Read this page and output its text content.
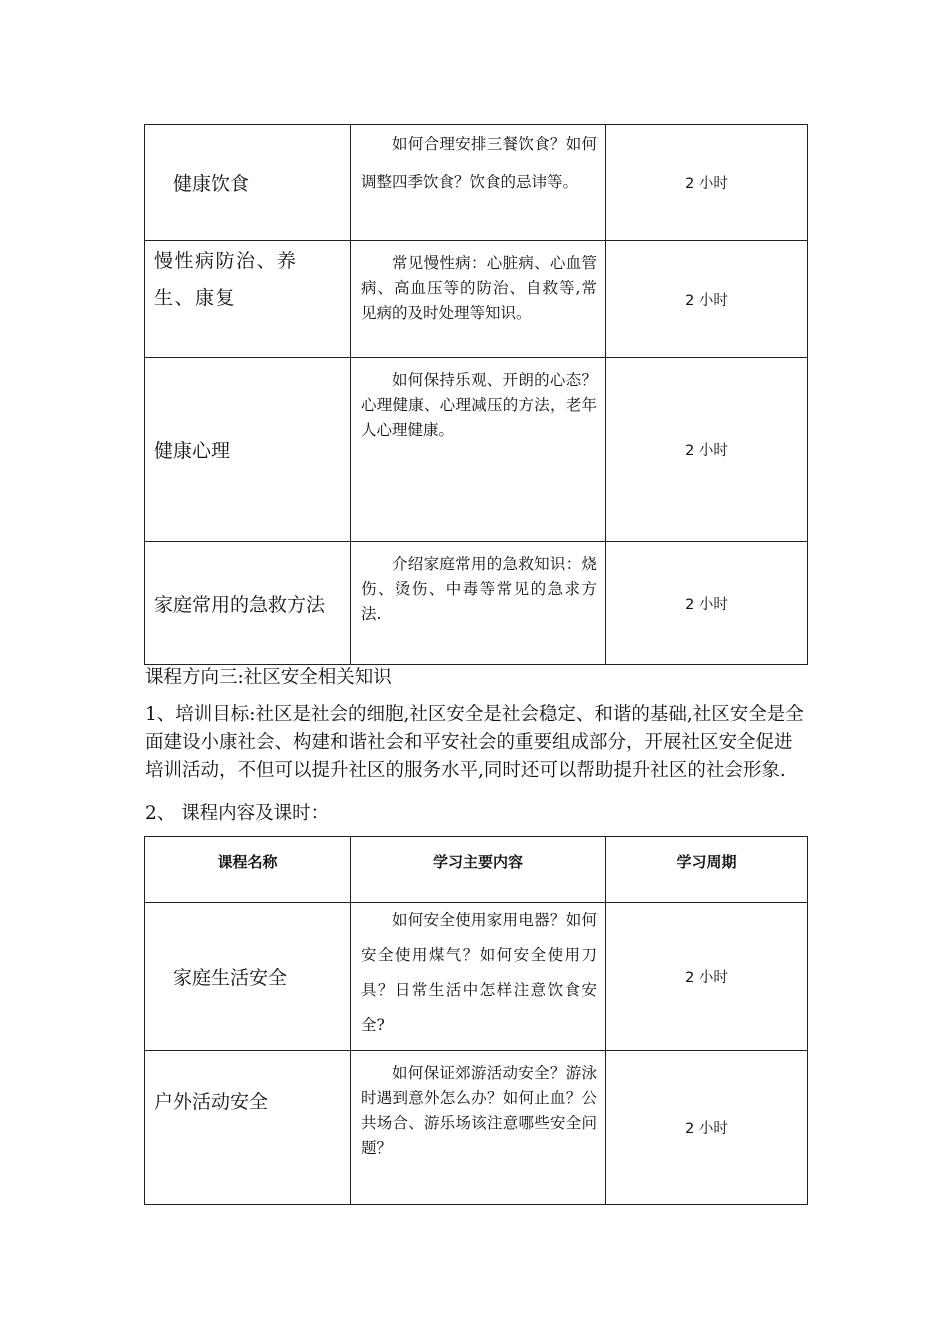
健康饮食	如何合理安排三餐饮食？如何调整四季饮食？饮食的忌讳等。	2 小时
慢性病防治、养生、康复	常见慢性病：心脏病、心血管病、高血压等的防治、自救等,常见病的及时处理等知识。	2 小时
健康心理	如何保持乐观、开朗的心态？心理健康、心理减压的方法，老年人心理健康。	2 小时
家庭常用的急救方法	介绍家庭常用的急救知识：烧伤、烫伤、中毒等常见的急求方法.	2 小时

课程方向三:社区安全相关知识

1、培训目标:社区是社会的细胞,社区安全是社会稳定、和谐的基础,社区安全是全面建设小康社会、构建和谐社会和平安社会的重要组成部分，开展社区安全促进培训活动，不但可以提升社区的服务水平,同时还可以帮助提升社区的社会形象.

2、 课程内容及课时：

课程名称	学习主要内容	学习周期
家庭生活安全	如何安全使用家用电器？如何安全使用煤气？如何安全使用刀具？日常生活中怎样注意饮食安全?	2 小时
户外活动安全	如何保证郊游活动安全？游泳时遇到意外怎么办？如何止血？公共场合、游乐场该注意哪些安全问题？	2 小时
